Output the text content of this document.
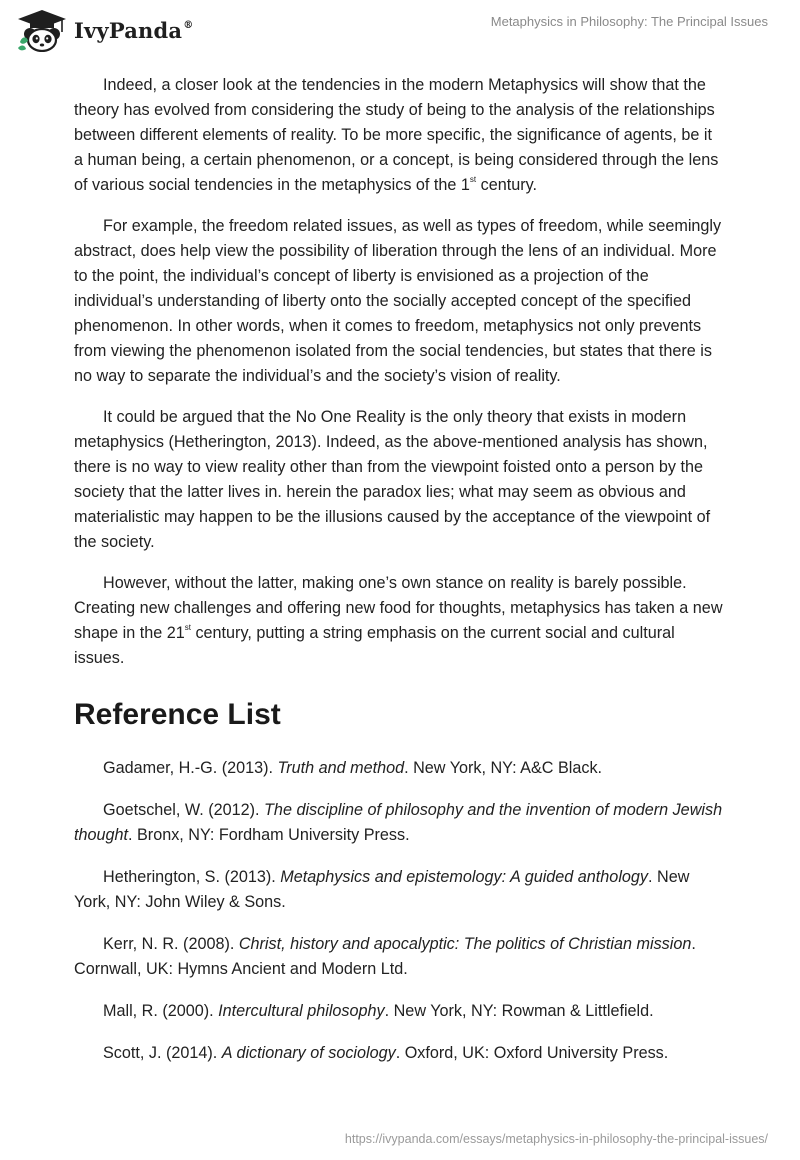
IvyPanda®	Metaphysics in Philosophy: The Principal Issues

Indeed, a closer look at the tendencies in the modern Metaphysics will show that the theory has evolved from considering the study of being to the analysis of the relationships between different elements of reality. To be more specific, the significance of agents, be it a human being, a certain phenomenon, or a concept, is being considered through the lens of various social tendencies in the metaphysics of the 1st century.

For example, the freedom related issues, as well as types of freedom, while seemingly abstract, does help view the possibility of liberation through the lens of an individual. More to the point, the individual’s concept of liberty is envisioned as a projection of the individual’s understanding of liberty onto the socially accepted concept of the specified phenomenon. In other words, when it comes to freedom, metaphysics not only prevents from viewing the phenomenon isolated from the social tendencies, but states that there is no way to separate the individual’s and the society’s vision of reality.

It could be argued that the No One Reality is the only theory that exists in modern metaphysics (Hetherington, 2013). Indeed, as the above-mentioned analysis has shown, there is no way to view reality other than from the viewpoint foisted onto a person by the society that the latter lives in. herein the paradox lies; what may seem as obvious and materialistic may happen to be the illusions caused by the acceptance of the viewpoint of the society.

However, without the latter, making one’s own stance on reality is barely possible. Creating new challenges and offering new food for thoughts, metaphysics has taken a new shape in the 21st century, putting a string emphasis on the current social and cultural issues.

Reference List

Gadamer, H.-G. (2013). Truth and method. New York, NY: A&C Black.

Goetschel, W. (2012). The discipline of philosophy and the invention of modern Jewish thought. Bronx, NY: Fordham University Press.

Hetherington, S. (2013). Metaphysics and epistemology: A guided anthology. New York, NY: John Wiley & Sons.

Kerr, N. R. (2008). Christ, history and apocalyptic: The politics of Christian mission. Cornwall, UK: Hymns Ancient and Modern Ltd.

Mall, R. (2000). Intercultural philosophy. New York, NY: Rowman & Littlefield.

Scott, J. (2014). A dictionary of sociology. Oxford, UK: Oxford University Press.

https://ivypanda.com/essays/metaphysics-in-philosophy-the-principal-issues/
